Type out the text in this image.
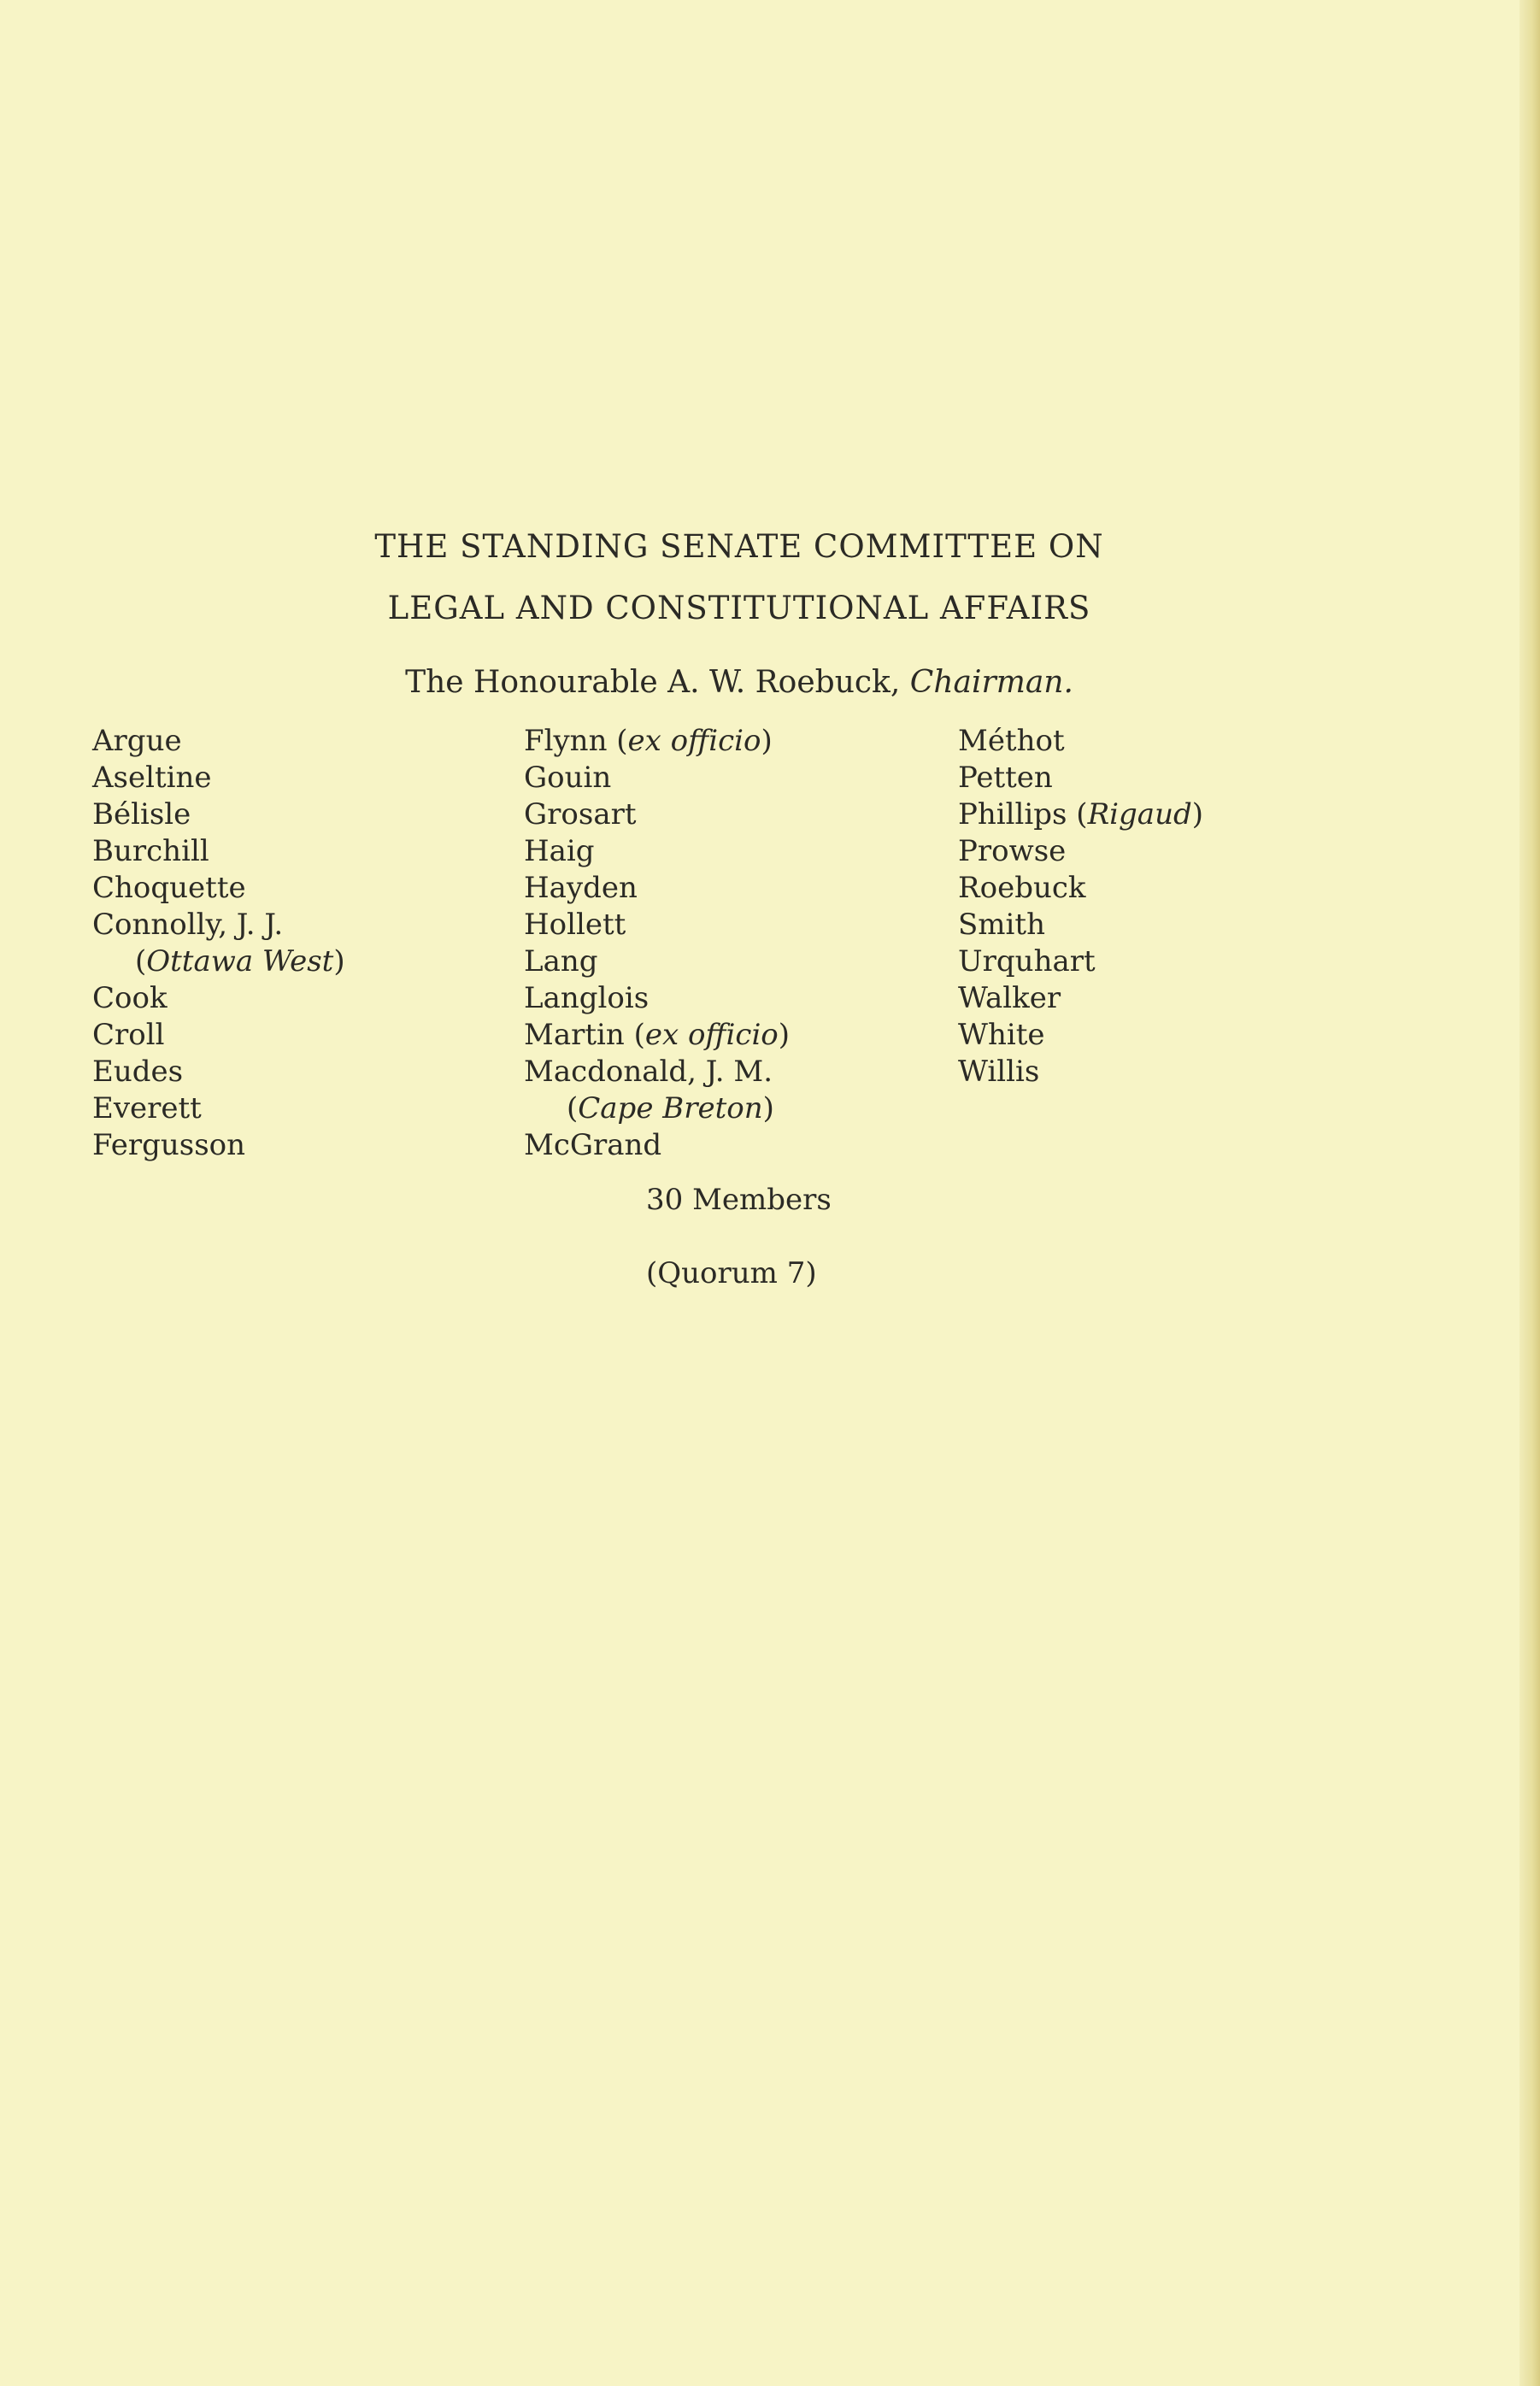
THE STANDING SENATE COMMITTEE ON
LEGAL AND CONSTITUTIONAL AFFAIRS
The Honourable A. W. Roebuck, Chairman.
Argue
Aseltine
Bélisle
Burchill
Choquette
Connolly, J. J.
(Ottawa West)
Cook
Croll
Eudes
Everett
Fergusson
Flynn (ex officio)
Gouin
Grosart
Haig
Hayden
Hollett
Lang
Langlois
Martin (ex officio)
Macdonald, J. M.
(Cape Breton)
McGrand
Méthot
Petten
Phillips (Rigaud)
Prowse
Roebuck
Smith
Urquhart
Walker
White
Willis
30 Members
(Quorum 7)
